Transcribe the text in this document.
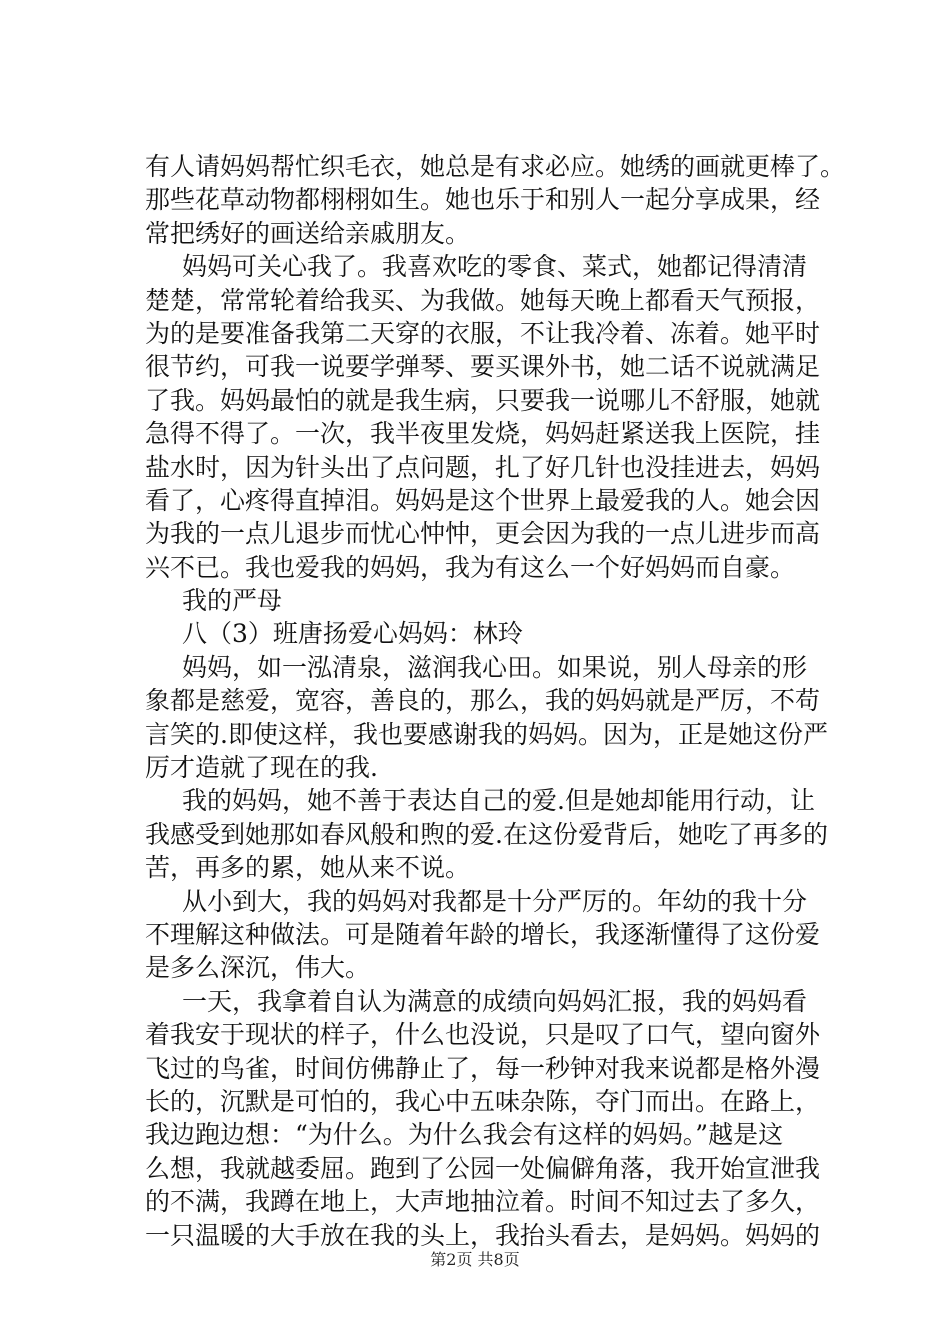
有人请妈妈帮忙织毛衣，她总是有求必应。她绣的画就更棒了。
那些花草动物都栩栩如生。她也乐于和别人一起分享成果，经
常把绣好的画送给亲戚朋友。
妈妈可关心我了。我喜欢吃的零食、菜式，她都记得清清
楚楚，常常轮着给我买、为我做。她每天晚上都看天气预报，
为的是要准备我第二天穿的衣服，不让我冷着、冻着。她平时
很节约，可我一说要学弹琴、要买课外书，她二话不说就满足
了我。妈妈最怕的就是我生病，只要我一说哪儿不舒服，她就
急得不得了。一次，我半夜里发烧，妈妈赶紧送我上医院，挂
盐水时，因为针头出了点问题，扎了好几针也没挂进去，妈妈
看了，心疼得直掉泪。妈妈是这个世界上最爱我的人。她会因
为我的一点儿退步而忧心忡忡，更会因为我的一点儿进步而高
兴不已。我也爱我的妈妈，我为有这么一个好妈妈而自豪。
我的严母
八（3）班唐扬爱心妈妈：林玲
妈妈，如一泓清泉，滋润我心田。如果说，别人母亲的形
象都是慈爱，宽容，善良的，那么，我的妈妈就是严厉，不苟
言笑的.即使这样，我也要感谢我的妈妈。因为，正是她这份严
厉才造就了现在的我.
我的妈妈，她不善于表达自己的爱.但是她却能用行动，让
我感受到她那如春风般和煦的爱.在这份爱背后，她吃了再多的
苦，再多的累，她从来不说。
从小到大，我的妈妈对我都是十分严厉的。年幼的我十分
不理解这种做法。可是随着年龄的增长，我逐渐懂得了这份爱
是多么深沉，伟大。
一天，我拿着自认为满意的成绩向妈妈汇报，我的妈妈看
着我安于现状的样子，什么也没说，只是叹了口气，望向窗外
飞过的鸟雀，时间仿佛静止了，每一秒钟对我来说都是格外漫
长的，沉默是可怕的，我心中五味杂陈，夺门而出。在路上，
我边跑边想：“为什么。为什么我会有这样的妈妈。”越是这
么想，我就越委屈。跑到了公园一处偏僻角落，我开始宣泄我
的不满，我蹲在地上，大声地抽泣着。时间不知过去了多久，
一只温暖的大手放在我的头上，我抬头看去，是妈妈。妈妈的
第2页 共8页
